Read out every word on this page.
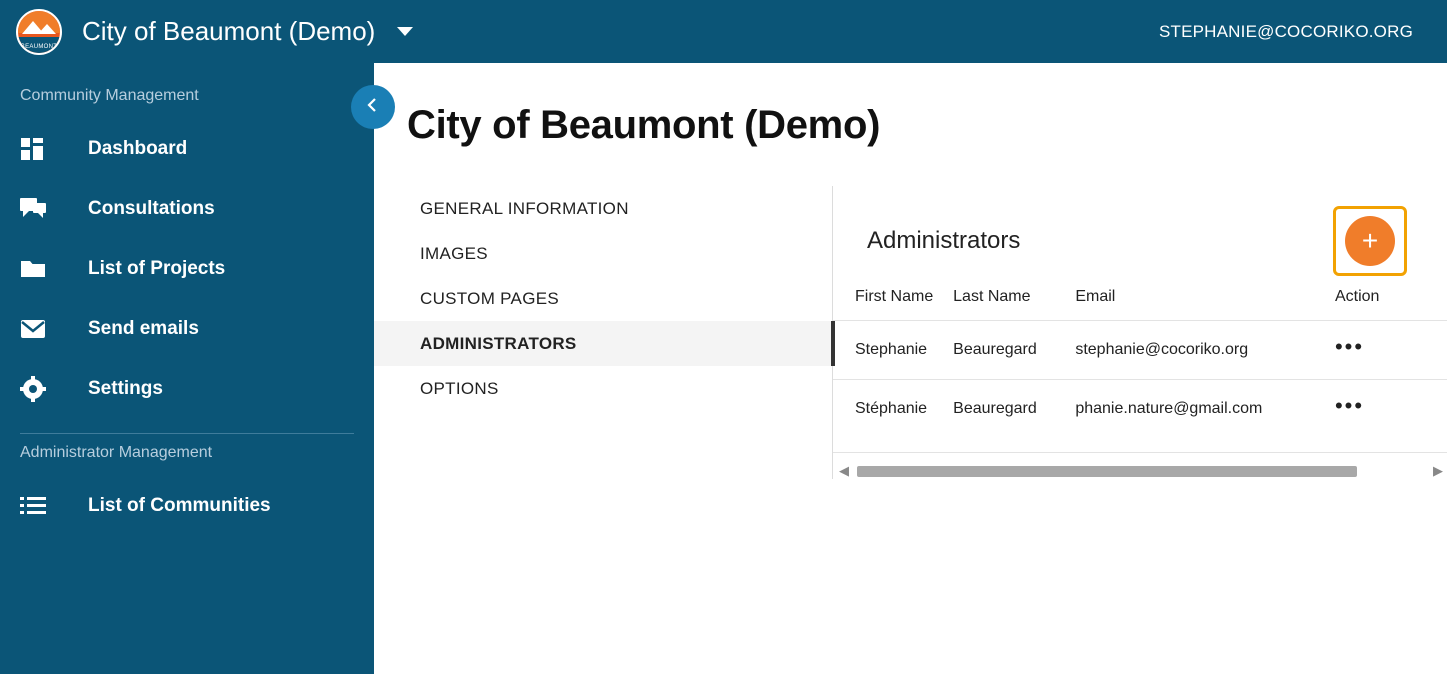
BEAUMONT
City of Beaumont (Demo)	STEPHANIE@COCORIKO.ORG
Community Management
Dashboard
Consultations
List of Projects
Send emails
Settings
Administrator Management
List of Communities
City of Beaumont (Demo)
GENERAL INFORMATION
IMAGES
CUSTOM PAGES
ADMINISTRATORS
OPTIONS
Administrators	+
First Name	Last Name	Email	Action
Stephanie	Beauregard	stephanie@cocoriko.org	•••
Stéphanie	Beauregard	phanie.nature@gmail.com	•••
◀	▶
